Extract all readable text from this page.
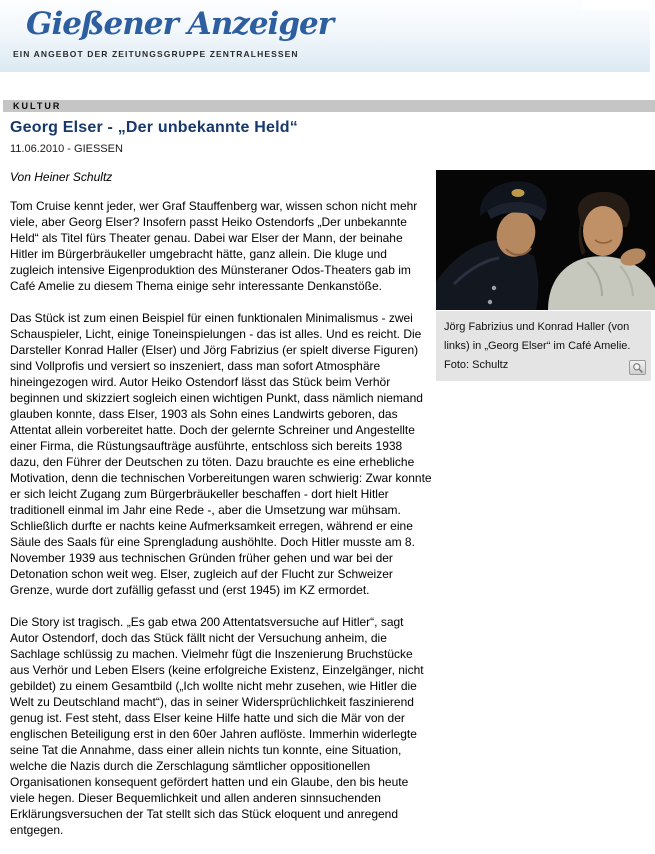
Gießener Anzeiger
EIN ANGEBOT DER ZEITUNGSGRUPPE ZENTRALHESSEN
KULTUR
Georg Elser - „Der unbekannte Held“
11.06.2010 - GIESSEN

Von Heiner Schultz

Tom Cruise kennt jeder, wer Graf Stauffenberg war, wissen schon nicht mehr viele, aber Georg Elser? Insofern passt Heiko Ostendorfs „Der unbekannte Held“ als Titel fürs Theater genau. Dabei war Elser der Mann, der beinahe Hitler im Bürgerbräukeller umgebracht hätte, ganz allein. Die kluge und zugleich intensive Eigenproduktion des Münsteraner Odos-Theaters gab im Café Amelie zu diesem Thema einige sehr interessante Denkanstöße.

Das Stück ist zum einen Beispiel für einen funktionalen Minimalismus - zwei Schauspieler, Licht, einige Toneinspielungen - das ist alles. Und es reicht. Die Darsteller Konrad Haller (Elser) und Jörg Fabrizius (er spielt diverse Figuren) sind Vollprofis und versiert so inszeniert, dass man sofort Atmosphäre hineingezogen wird. Autor Heiko Ostendorf lässt das Stück beim Verhör beginnen und skizziert sogleich einen wichtigen Punkt, dass nämlich niemand glauben konnte, dass Elser, 1903 als Sohn eines Landwirts geboren, das Attentat allein vorbereitet hatte. Doch der gelernte Schreiner und Angestellte einer Firma, die Rüstungsaufträge ausführte, entschloss sich bereits 1938 dazu, den Führer der Deutschen zu töten. Dazu brauchte es eine erhebliche Motivation, denn die technischen Vorbereitungen waren schwierig: Zwar konnte er sich leicht Zugang zum Bürgerbräukeller beschaffen - dort hielt Hitler traditionell einmal im Jahr eine Rede -, aber die Umsetzung war mühsam. Schließlich durfte er nachts keine Aufmerksamkeit erregen, während er eine Säule des Saals für eine Sprengladung aushöhlte. Doch Hitler musste am 8. November 1939 aus technischen Gründen früher gehen und war bei der Detonation schon weit weg. Elser, zugleich auf der Flucht zur Schweizer Grenze, wurde dort zufällig gefasst und (erst 1945) im KZ ermordet.

Die Story ist tragisch. „Es gab etwa 200 Attentatsversuche auf Hitler“, sagt Autor Ostendorf, doch das Stück fällt nicht der Versuchung anheim, die Sachlage schlüssig zu machen. Vielmehr fügt die Inszenierung Bruchstücke aus Verhör und Leben Elsers (keine erfolgreiche Existenz, Einzelgänger, nicht gebildet) zu einem Gesamtbild („Ich wollte nicht mehr zusehen, wie Hitler die Welt zu Deutschland macht“), das in seiner Widersprüchlichkeit faszinierend genug ist. Fest steht, dass Elser keine Hilfe hatte und sich die Mär von der englischen Beteiligung erst in den 60er Jahren auflöste. Immerhin widerlegte seine Tat die Annahme, dass einer allein nichts tun konnte, eine Situation, welche die Nazis durch die Zerschlagung sämtlicher oppositionellen Organisationen konsequent gefördert hatten und ein Glaube, den bis heute viele hegen. Dieser Bequemlichkeit und allen anderen sinnsuchenden Erklärungsversuchen der Tat stellt sich das Stück eloquent und anregend entgegen.

Jörg Fabrizius und Konrad Haller (von links) in „Georg Elser“ im Café Amelie.
Foto: Schultz
